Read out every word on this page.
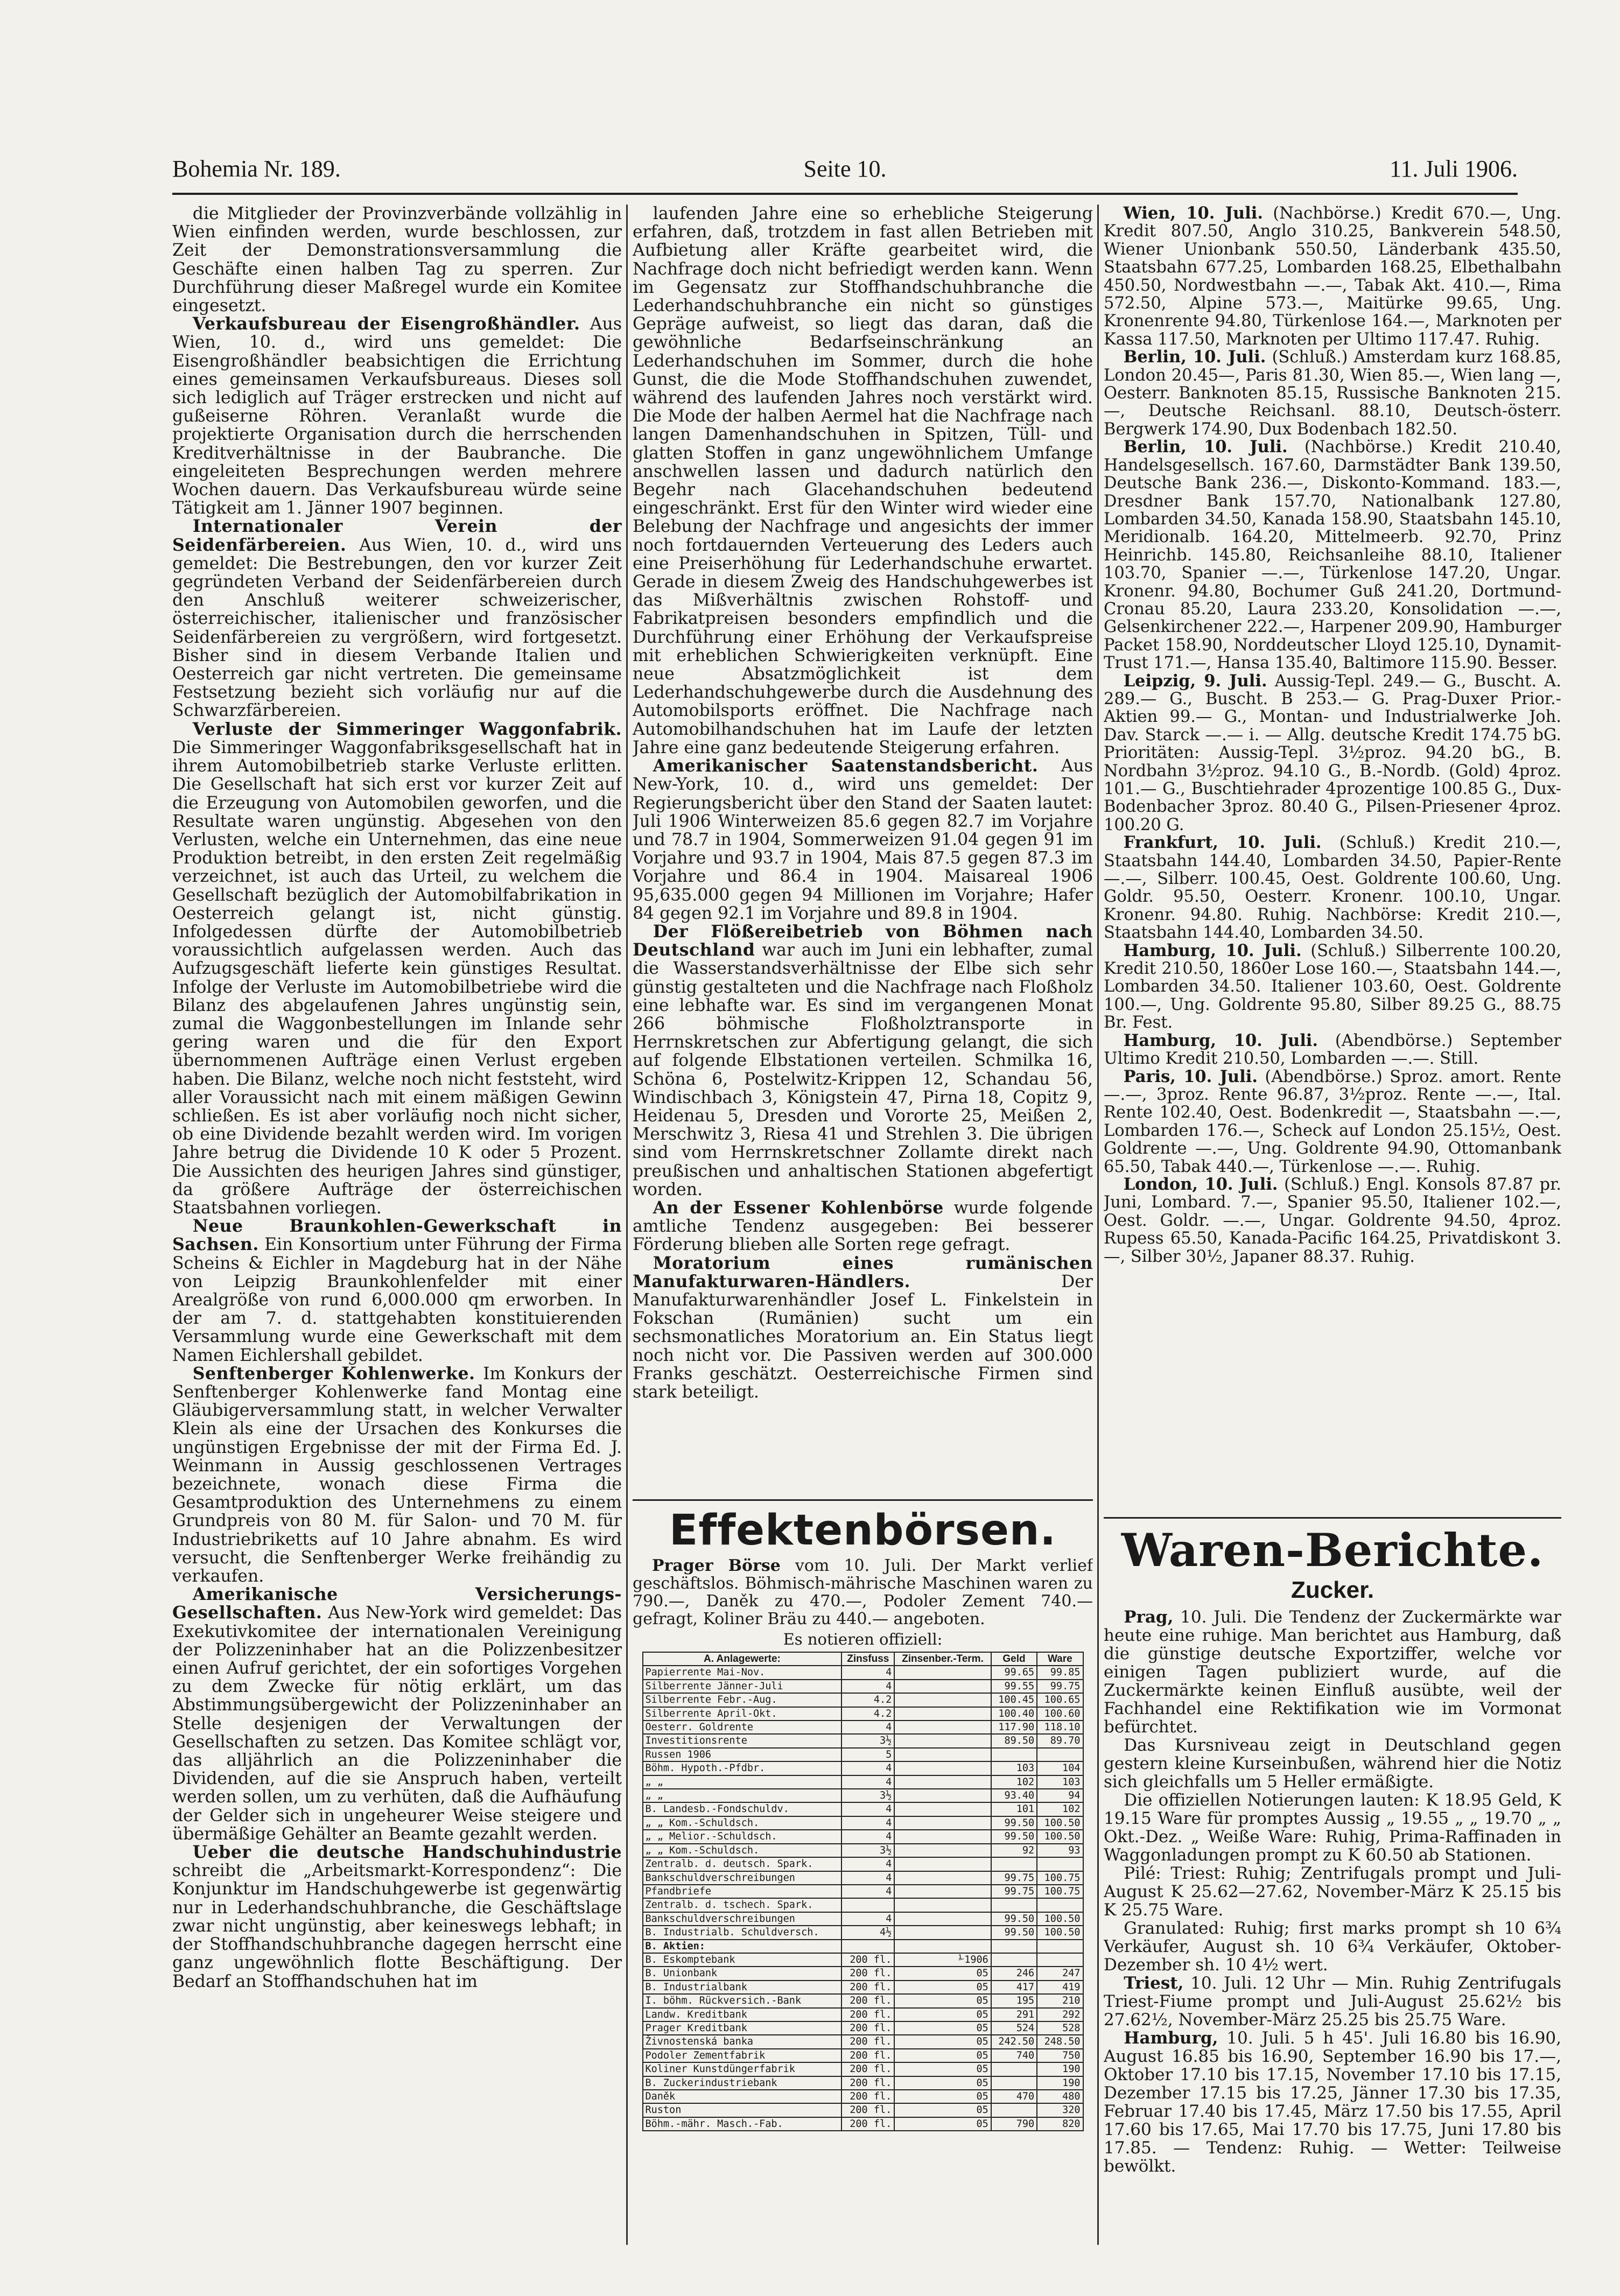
Bohemia Nr. 189.	Seite 10.	11. Juli 1906.

die Mitglieder der Provinzverbände vollzählig in Wien einfinden werden, wurde beschlossen, zur Zeit der Demonstrationsversammlung die Geschäfte einen halben Tag zu sperren. Zur Durchführung dieser Maßregel wurde ein Komitee eingesetzt.

Verkaufsbureau der Eisengroßhändler. Aus Wien, 10. d., wird uns gemeldet: Die Eisengroßhändler beabsichtigen die Errichtung eines gemeinsamen Verkaufsbureaus. Dieses soll sich lediglich auf Träger erstrecken und nicht auf gußeiserne Röhren. Veranlaßt wurde die projektierte Organisation durch die herrschenden Kreditverhältnisse in der Baubranche. Die eingeleiteten Besprechungen werden mehrere Wochen dauern. Das Verkaufsbureau würde seine Tätigkeit am 1. Jänner 1907 beginnen.

Internationaler Verein der Seidenfärbereien. Aus Wien, 10. d., wird uns gemeldet: Die Bestrebungen, den vor kurzer Zeit gegründeten Verband der Seidenfärbereien durch den Anschluß weiterer schweizerischer, österreichischer, italienischer und französischer Seidenfärbereien zu vergrößern, wird fortgesetzt. Bisher sind in diesem Verbande Italien und Oesterreich gar nicht vertreten. Die gemeinsame Festsetzung bezieht sich vorläufig nur auf die Schwarzfärbereien.

Verluste der Simmeringer Waggonfabrik. Die Simmeringer Waggonfabriksgesellschaft hat in ihrem Automobilbetrieb starke Verluste erlitten. Die Gesellschaft hat sich erst vor kurzer Zeit auf die Erzeugung von Automobilen geworfen, und die Resultate waren ungünstig. Abgesehen von den Verlusten, welche ein Unternehmen, das eine neue Produktion betreibt, in den ersten Zeit regelmäßig verzeichnet, ist auch das Urteil, zu welchem die Gesellschaft bezüglich der Automobilfabrikation in Oesterreich gelangt ist, nicht günstig. Infolgedessen dürfte der Automobilbetrieb voraussichtlich aufgelassen werden. Auch das Aufzugsgeschäft lieferte kein günstiges Resultat. Infolge der Verluste im Automobilbetriebe wird die Bilanz des abgelaufenen Jahres ungünstig sein, zumal die Waggonbestellungen im Inlande sehr gering waren und die für den Export übernommenen Aufträge einen Verlust ergeben haben. Die Bilanz, welche noch nicht feststeht, wird aller Voraussicht nach mit einem mäßigen Gewinn schließen. Es ist aber vorläufig noch nicht sicher, ob eine Dividende bezahlt werden wird. Im vorigen Jahre betrug die Dividende 10 K oder 5 Prozent. Die Aussichten des heurigen Jahres sind günstiger, da größere Aufträge der österreichischen Staatsbahnen vorliegen.

Neue Braunkohlen-Gewerkschaft in Sachsen. Ein Konsortium unter Führung der Firma Scheins & Eichler in Magdeburg hat in der Nähe von Leipzig Braunkohlenfelder mit einer Arealgröße von rund 6,000.000 qm erworben. In der am 7. d. stattgehabten konstituierenden Versammlung wurde eine Gewerkschaft mit dem Namen Eichlershall gebildet.

Senftenberger Kohlenwerke. Im Konkurs der Senftenberger Kohlenwerke fand Montag eine Gläubigerversammlung statt, in welcher Verwalter Klein als eine der Ursachen des Konkurses die ungünstigen Ergebnisse der mit der Firma Ed. J. Weinmann in Aussig geschlossenen Vertrages bezeichnete, wonach diese Firma die Gesamtproduktion des Unternehmens zu einem Grundpreis von 80 M. für Salon- und 70 M. für Industriebriketts auf 10 Jahre abnahm. Es wird versucht, die Senftenberger Werke freihändig zu verkaufen.

Amerikanische Versicherungs-Gesellschaften. Aus New-York wird gemeldet: Das Exekutivkomitee der internationalen Vereinigung der Polizzeninhaber hat an die Polizzenbesitzer einen Aufruf gerichtet, der ein sofortiges Vorgehen zu dem Zwecke für nötig erklärt, um das Abstimmungsübergewicht der Polizzeninhaber an Stelle desjenigen der Verwaltungen der Gesellschaften zu setzen. Das Komitee schlägt vor, das alljährlich an die Polizzeninhaber die Dividenden, auf die sie Anspruch haben, verteilt werden sollen, um zu verhüten, daß die Aufhäufung der Gelder sich in ungeheurer Weise steigere und übermäßige Gehälter an Beamte gezahlt werden.

Ueber die deutsche Handschuhindustrie schreibt die „Arbeitsmarkt-Korrespondenz“: Die Konjunktur im Handschuhgewerbe ist gegenwärtig nur in Lederhandschuhbranche, die Geschäftslage zwar nicht ungünstig, aber keineswegs lebhaft; in der Stoffhandschuhbranche dagegen herrscht eine ganz ungewöhnlich flotte Beschäftigung. Der Bedarf an Stoffhandschuhen hat im

laufenden Jahre eine so erhebliche Steigerung erfahren, daß, trotzdem in fast allen Betrieben mit Aufbietung aller Kräfte gearbeitet wird, die Nachfrage doch nicht befriedigt werden kann. Wenn im Gegensatz zur Stoffhandschuhbranche die Lederhandschuhbranche ein nicht so günstiges Gepräge aufweist, so liegt das daran, daß die gewöhnliche Bedarfseinschränkung an Lederhandschuhen im Sommer, durch die hohe Gunst, die die Mode Stoffhandschuhen zuwendet, während des laufenden Jahres noch verstärkt wird. Die Mode der halben Aermel hat die Nachfrage nach langen Damenhandschuhen in Spitzen, Tüll- und glatten Stoffen in ganz ungewöhnlichem Umfange anschwellen lassen und dadurch natürlich den Begehr nach Glacehandschuhen bedeutend eingeschränkt. Erst für den Winter wird wieder eine Belebung der Nachfrage und angesichts der immer noch fortdauernden Verteuerung des Leders auch eine Preiserhöhung für Lederhandschuhe erwartet. Gerade in diesem Zweig des Handschuhgewerbes ist das Mißverhältnis zwischen Rohstoff- und Fabrikatpreisen besonders empfindlich und die Durchführung einer Erhöhung der Verkaufspreise mit erheblichen Schwierigkeiten verknüpft. Eine neue Absatzmöglichkeit ist dem Lederhandschuhgewerbe durch die Ausdehnung des Automobilsports eröffnet. Die Nachfrage nach Automobilhandschuhen hat im Laufe der letzten Jahre eine ganz bedeutende Steigerung erfahren.

Amerikanischer Saatenstandsbericht. Aus New-York, 10. d., wird uns gemeldet: Der Regierungsbericht über den Stand der Saaten lautet: Juli 1906 Winterweizen 85.6 gegen 82.7 im Vorjahre und 78.7 in 1904, Sommerweizen 91.04 gegen 91 im Vorjahre und 93.7 in 1904, Mais 87.5 gegen 87.3 im Vorjahre und 86.4 in 1904. Maisareal 1906 95,635.000 gegen 94 Millionen im Vorjahre; Hafer 84 gegen 92.1 im Vorjahre und 89.8 in 1904.

Der Flößereibetrieb von Böhmen nach Deutschland war auch im Juni ein lebhafter, zumal die Wasserstandsverhältnisse der Elbe sich sehr günstig gestalteten und die Nachfrage nach Floßholz eine lebhafte war. Es sind im vergangenen Monat 266 böhmische Floßholztransporte in Herrnskretschen zur Abfertigung gelangt, die sich auf folgende Elbstationen verteilen. Schmilka 16, Schöna 6, Postelwitz-Krippen 12, Schandau 56, Windischbach 3, Königstein 47, Pirna 18, Copitz 9, Heidenau 5, Dresden und Vororte 25, Meißen 2, Merschwitz 3, Riesa 41 und Strehlen 3. Die übrigen sind vom Herrnskretschner Zollamte direkt nach preußischen und anhaltischen Stationen abgefertigt worden.

An der Essener Kohlenbörse wurde folgende amtliche Tendenz ausgegeben: Bei besserer Förderung blieben alle Sorten rege gefragt.

Moratorium eines rumänischen Manufakturwaren-Händlers. Der Manufakturwarenhändler Josef L. Finkelstein in Fokschan (Rumänien) sucht um ein sechsmonatliches Moratorium an. Ein Status liegt noch nicht vor. Die Passiven werden auf 300.000 Franks geschätzt. Oesterreichische Firmen sind stark beteiligt.

Wien, 10. Juli. (Nachbörse.) Kredit 670.—, Ung. Kredit 807.50, Anglo 310.25, Bankverein 548.50, Wiener Unionbank 550.50, Länderbank 435.50, Staatsbahn 677.25, Lombarden 168.25, Elbethalbahn 450.50, Nordwestbahn —.—, Tabak Akt. 410.—, Rima 572.50, Alpine 573.—, Maitürke 99.65, Ung. Kronenrente 94.80, Türkenlose 164.—, Marknoten per Kassa 117.50, Marknoten per Ultimo 117.47. Ruhig.

Berlin, 10. Juli. (Schluß.) Amsterdam kurz 168.85, London 20.45—, Paris 81.30, Wien 85.—, Wien lang —, Oesterr. Banknoten 85.15, Russische Banknoten 215.—, Deutsche Reichsanl. 88.10, Deutsch-österr. Bergwerk 174.90, Dux Bodenbach 182.50.

Berlin, 10. Juli. (Nachbörse.) Kredit 210.40, Handelsgesellsch. 167.60, Darmstädter Bank 139.50, Deutsche Bank 236.—, Diskonto-Kommand. 183.—, Dresdner Bank 157.70, Nationalbank 127.80, Lombarden 34.50, Kanada 158.90, Staatsbahn 145.10, Meridionalb. 164.20, Mittelmeerb. 92.70, Prinz Heinrichb. 145.80, Reichsanleihe 88.10, Italiener 103.70, Spanier —.—, Türkenlose 147.20, Ungar. Kronenr. 94.80, Bochumer Guß 241.20, Dortmund-Cronau 85.20, Laura 233.20, Konsolidation —.—, Gelsenkirchener 222.—, Harpener 209.90, Hamburger Packet 158.90, Norddeutscher Lloyd 125.10, Dynamit-Trust 171.—, Hansa 135.40, Baltimore 115.90. Besser.

Leipzig, 9. Juli. Aussig-Tepl. 249.— G., Buscht. A. 289.— G., Buscht. B 253.— G. Prag-Duxer Prior.-Aktien 99.— G., Montan- und Industrialwerke Joh. Dav. Starck —.— i. — Allg. deutsche Kredit 174.75 bG. Prioritäten: Aussig-Tepl. 3½proz. 94.20 bG., B. Nordbahn 3½proz. 94.10 G., B.-Nordb. (Gold) 4proz. 101.— G., Buschtiehrader 4prozentige 100.85 G., Dux-Bodenbacher 3proz. 80.40 G., Pilsen-Priesener 4proz. 100.20 G.

Frankfurt, 10. Juli. (Schluß.) Kredit 210.—, Staatsbahn 144.40, Lombarden 34.50, Papier-Rente —.—, Silberr. 100.45, Oest. Goldrente 100.60, Ung. Goldr. 95.50, Oesterr. Kronenr. 100.10, Ungar. Kronenr. 94.80. Ruhig. Nachbörse: Kredit 210.—, Staatsbahn 144.40, Lombarden 34.50.

Hamburg, 10. Juli. (Schluß.) Silberrente 100.20, Kredit 210.50, 1860er Lose 160.—, Staatsbahn 144.—, Lombarden 34.50. Italiener 103.60, Oest. Goldrente 100.—, Ung. Goldrente 95.80, Silber 89.25 G., 88.75 Br. Fest.

Hamburg, 10. Juli. (Abendbörse.) September Ultimo Kredit 210.50, Lombarden —.—. Still.

Paris, 10. Juli. (Abendbörse.) Sproz. amort. Rente —.—, 3proz. Rente 96.87, 3½proz. Rente —.—, Ital. Rente 102.40, Oest. Bodenkredit —, Staatsbahn —.—, Lombarden 176.—, Scheck auf London 25.15½, Oest. Goldrente —.—, Ung. Goldrente 94.90, Ottomanbank 65.50, Tabak 440.—, Türkenlose —.—. Ruhig.

London, 10. Juli. (Schluß.) Engl. Konsols 87.87 pr. Juni, Lombard. 7.—, Spanier 95.50, Italiener 102.—, Oest. Goldr. —.—, Ungar. Goldrente 94.50, 4proz. Rupess 65.50, Kanada-Pacific 164.25, Privatdiskont 3.—, Silber 30½, Japaner 88.37. Ruhig.

Effektenbörsen.

Prager Börse vom 10. Juli. Der Markt verlief geschäftslos. Böhmisch-mährische Maschinen waren zu 790.—, Daněk zu 470.—, Podoler Zement 740.— gefragt, Koliner Bräu zu 440.— angeboten.

Es notieren offiziell:
A. Anlagewerte:	Zinsfuss	Zinsenber.-Term.	Geld	Ware
Papierrente Mai-Nov.	4		99.65	99.85
Silberrente Jänner-Juli	4		99.55	99.75
Silberrente Febr.-Aug.	4.2		100.45	100.65
Silberrente April-Okt.	4.2		100.40	100.60
Oesterr. Goldrente	4		117.90	118.10
Investitionsrente	3½		89.50	89.70
Russen 1906	5			
Böhm. Hypoth.-Pfdbr.	4		103	104
„ „	4		102	103
„ „	3½		93.40	94
B. Landesb.-Fondschuldv.	4		101	102
„ „ Kom.-Schuldsch.	4		99.50	100.50
„ „ Melior.-Schuldsch.	4		99.50	100.50
„ „ Kom.-Schuldsch.	3½		92	93
Zentralb. d. deutsch. Spark.	4			
Bankschuldverschreibungen	4		99.75	100.75
Pfandbriefe	4		99.75	100.75
Zentralb. d. tschech. Spark.				
Bankschuldverschreibungen	4		99.50	100.50
B. Industrialb. Schuldversch.	4½		99.50	100.50
B. Aktien:				
B. Eskomptebank	200 fl.	⅟1906		
B. Unionbank	200 fl.	05	246	247
B. Industrialbank	200 fl.	05	417	419
I. böhm. Rückversich.-Bank	200 fl.	05	195	210
Landw. Kreditbank	200 fl.	05	291	292
Prager Kreditbank	200 fl.	05	524	528
Živnostenská banka	200 fl.	05	242.50	248.50
Podoler Zementfabrik	200 fl.	05	740	750
Koliner Kunstdüngerfabrik	200 fl.	05		190
B. Zuckerindustriebank	200 fl.	05		190
Daněk	200 fl.	05	470	480
Ruston	200 fl.	05		320
Böhm.-mähr. Masch.-Fab.	200 fl.	05	790	820
Waren-Berichte.
Zucker.

Prag, 10. Juli. Die Tendenz der Zuckermärkte war heute eine ruhige. Man berichtet aus Hamburg, daß die günstige deutsche Exportziffer, welche vor einigen Tagen publiziert wurde, auf die Zuckermärkte keinen Einfluß ausübte, weil der Fachhandel eine Rektifikation wie im Vormonat befürchtet.

Das Kursniveau zeigt in Deutschland gegen gestern kleine Kurseinbußen, während hier die Notiz sich gleichfalls um 5 Heller ermäßigte.

Die offiziellen Notierungen lauten: K 18.95 Geld, K 19.15 Ware für promptes Aussig „ 19.55 „ „ 19.70 „ „ Okt.-Dez. „ Weiße Ware: Ruhig, Prima-Raffinaden in Waggonladungen prompt zu K 60.50 ab Stationen.

Pilé: Triest: Ruhig; Zentrifugals prompt und Juli-August K 25.62—27.62, November-März K 25.15 bis K 25.75 Ware.

Granulated: Ruhig; first marks prompt sh 10 6¾ Verkäufer, August sh. 10 6¾ Verkäufer, Oktober-Dezember sh. 10 4½ wert.

Triest, 10. Juli. 12 Uhr — Min. Ruhig Zentrifugals Triest-Fiume prompt und Juli-August 25.62½ bis 27.62½, November-März 25.25 bis 25.75 Ware.

Hamburg, 10. Juli. 5 h 45'. Juli 16.80 bis 16.90, August 16.85 bis 16.90, September 16.90 bis 17.—, Oktober 17.10 bis 17.15, November 17.10 bis 17.15, Dezember 17.15 bis 17.25, Jänner 17.30 bis 17.35, Februar 17.40 bis 17.45, März 17.50 bis 17.55, April 17.60 bis 17.65, Mai 17.70 bis 17.75, Juni 17.80 bis 17.85. — Tendenz: Ruhig. — Wetter: Teilweise bewölkt.
